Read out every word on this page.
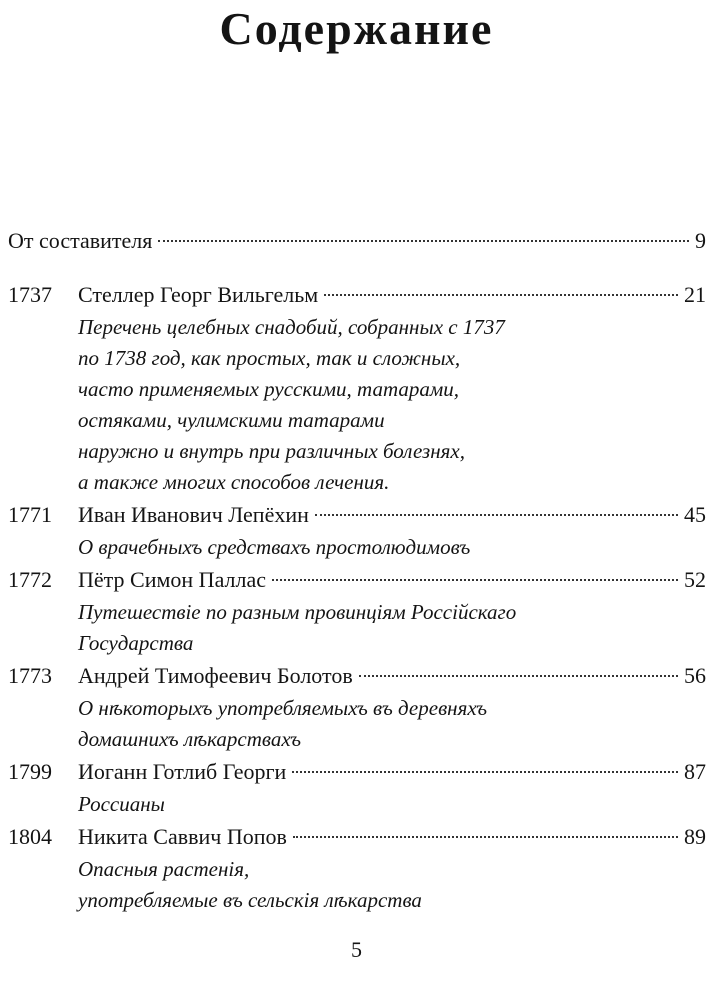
Содержание
От составителя	9
1737	Стеллер Георг Вильгельм	21
Перечень целебных снадобий, собранных с 1737
по 1738 год, как простых, так и сложных,
часто применяемых русскими, татарами,
остяками, чулимскими татарами
наружно и внутрь при различных болезнях,
а также многих способов лечения.
1771	Иван Иванович Лепёхин	45
О врачебныхъ средствахъ простолюдимовъ
1772	Пётр Симон Паллас	52
Путешествіе по разным провинціям Россійскаго
Государства
1773	Андрей Тимофеевич Болотов	56
О нѣкоторыхъ употребляемыхъ въ деревняхъ
домашнихъ лѣкарствахъ
1799	Иоганн Готлиб Георги	87
Россианы
1804	Никита Саввич Попов	89
Опасныя растенія,
употребляемые въ сельскія лѣкарства
5
